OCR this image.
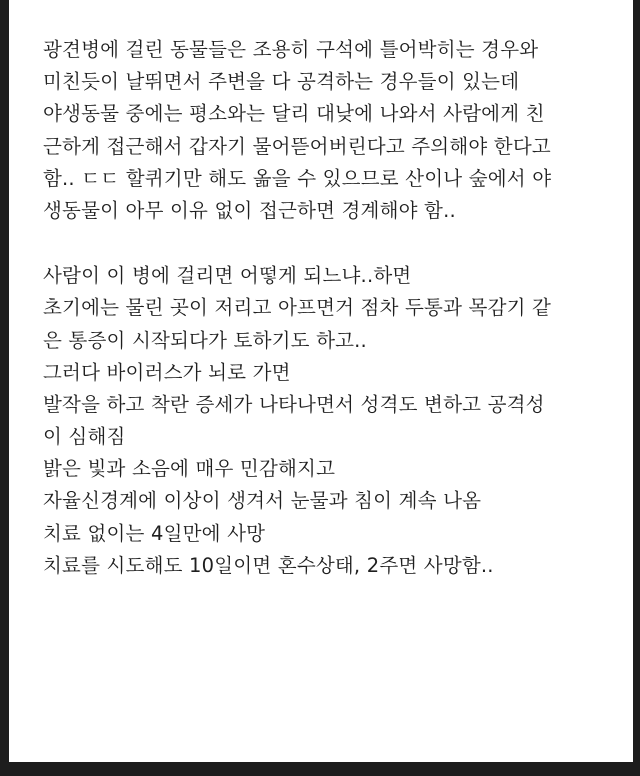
광견병에 걸린 동물들은 조용히 구석에 틀어박히는 경우와
미친듯이 날뛰면서 주변을 다 공격하는 경우들이 있는데
야생동물 중에는 평소와는 달리 대낮에 나와서 사람에게 친
근하게 접근해서 갑자기 물어뜯어버린다고 주의해야 한다고
함.. ㄷㄷ 할퀴기만 해도 옮을 수 있으므로 산이나 숲에서 야
생동물이 아무 이유 없이 접근하면 경계해야 함..
사람이 이 병에 걸리면 어떻게 되느냐..하면
초기에는 물린 곳이 저리고 아프면거 점차 두통과 목감기 같
은 통증이 시작되다가 토하기도 하고..
그러다 바이러스가 뇌로 가면
발작을 하고 착란 증세가 나타나면서 성격도 변하고 공격성
이 심해짐
밝은 빛과 소음에 매우 민감해지고
자율신경계에 이상이 생겨서 눈물과 침이 계속 나옴
치료 없이는 4일만에 사망
치료를 시도해도 10일이면 혼수상태, 2주면 사망함..
